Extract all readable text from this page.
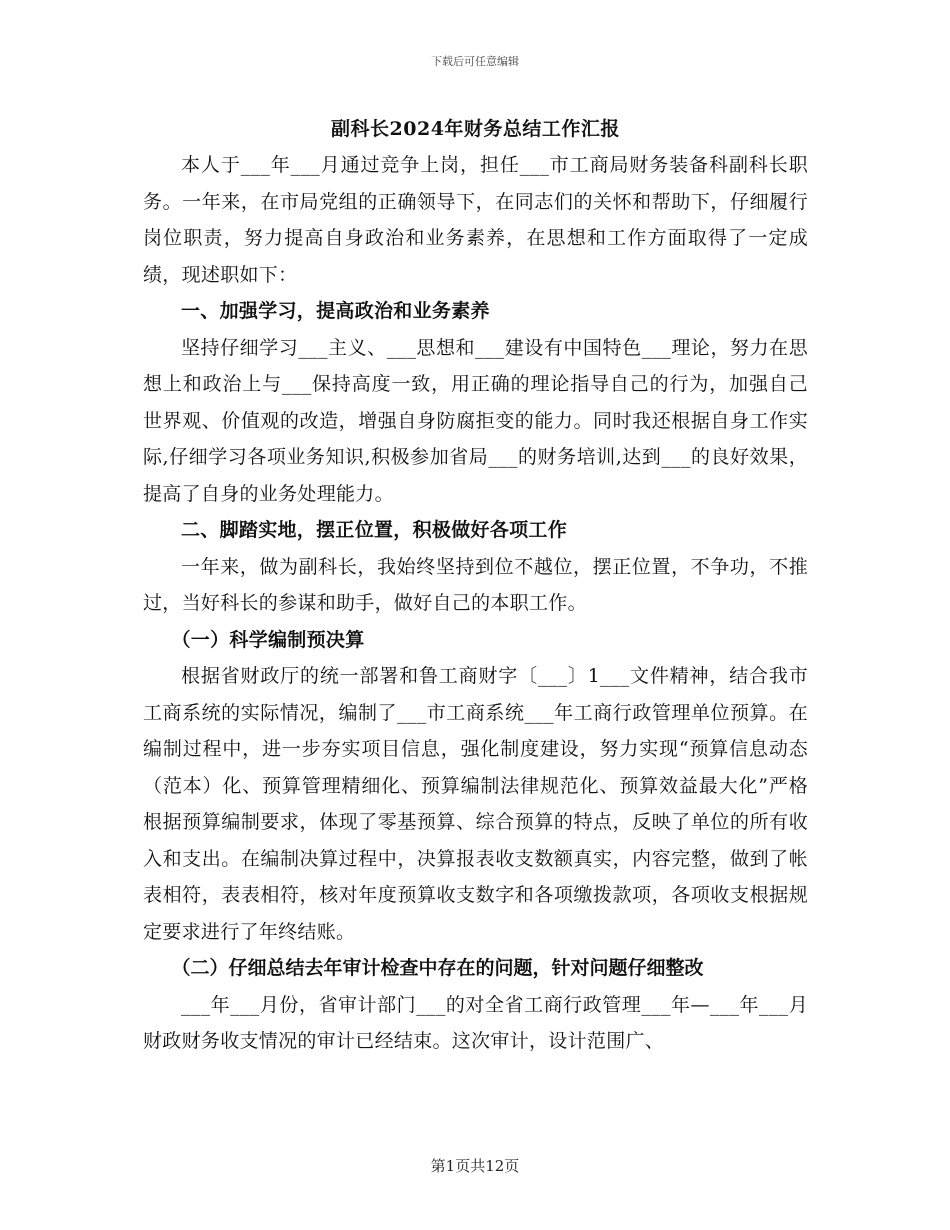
下载后可任意编辑
副科长2024年财务总结工作汇报

本人于___年___月通过竞争上岗，担任___市工商局财务装备科副科长职务。一年来，在市局党组的正确领导下，在同志们的关怀和帮助下，仔细履行岗位职责，努力提高自身政治和业务素养，在思想和工作方面取得了一定成绩，现述职如下：

一、加强学习，提高政治和业务素养

坚持仔细学习___主义、___思想和___建设有中国特色___理论，努力在思想上和政治上与___保持高度一致，用正确的理论指导自己的行为，加强自己世界观、价值观的改造，增强自身防腐拒变的能力。同时我还根据自身工作实际,仔细学习各项业务知识,积极参加省局___的财务培训,达到___的良好效果，提高了自身的业务处理能力。

二、脚踏实地，摆正位置，积极做好各项工作

一年来，做为副科长，我始终坚持到位不越位，摆正位置，不争功，不推过，当好科长的参谋和助手，做好自己的本职工作。

（一）科学编制预决算

根据省财政厅的统一部署和鲁工商财字〔___〕1___文件精神，结合我市工商系统的实际情况，编制了___市工商系统___年工商行政管理单位预算。在编制过程中，进一步夯实项目信息，强化制度建设，努力实现“预算信息动态（范本）化、预算管理精细化、预算编制法律规范化、预算效益最大化”严格根据预算编制要求，体现了零基预算、综合预算的特点，反映了单位的所有收入和支出。在编制决算过程中，决算报表收支数额真实，内容完整，做到了帐表相符，表表相符，核对年度预算收支数字和各项缴拨款项，各项收支根据规定要求进行了年终结账。

（二）仔细总结去年审计检查中存在的问题，针对问题仔细整改

___年___月份，省审计部门___的对全省工商行政管理___年—___年___月财政财务收支情况的审计已经结束。这次审计，设计范围广、

第1页共12页
